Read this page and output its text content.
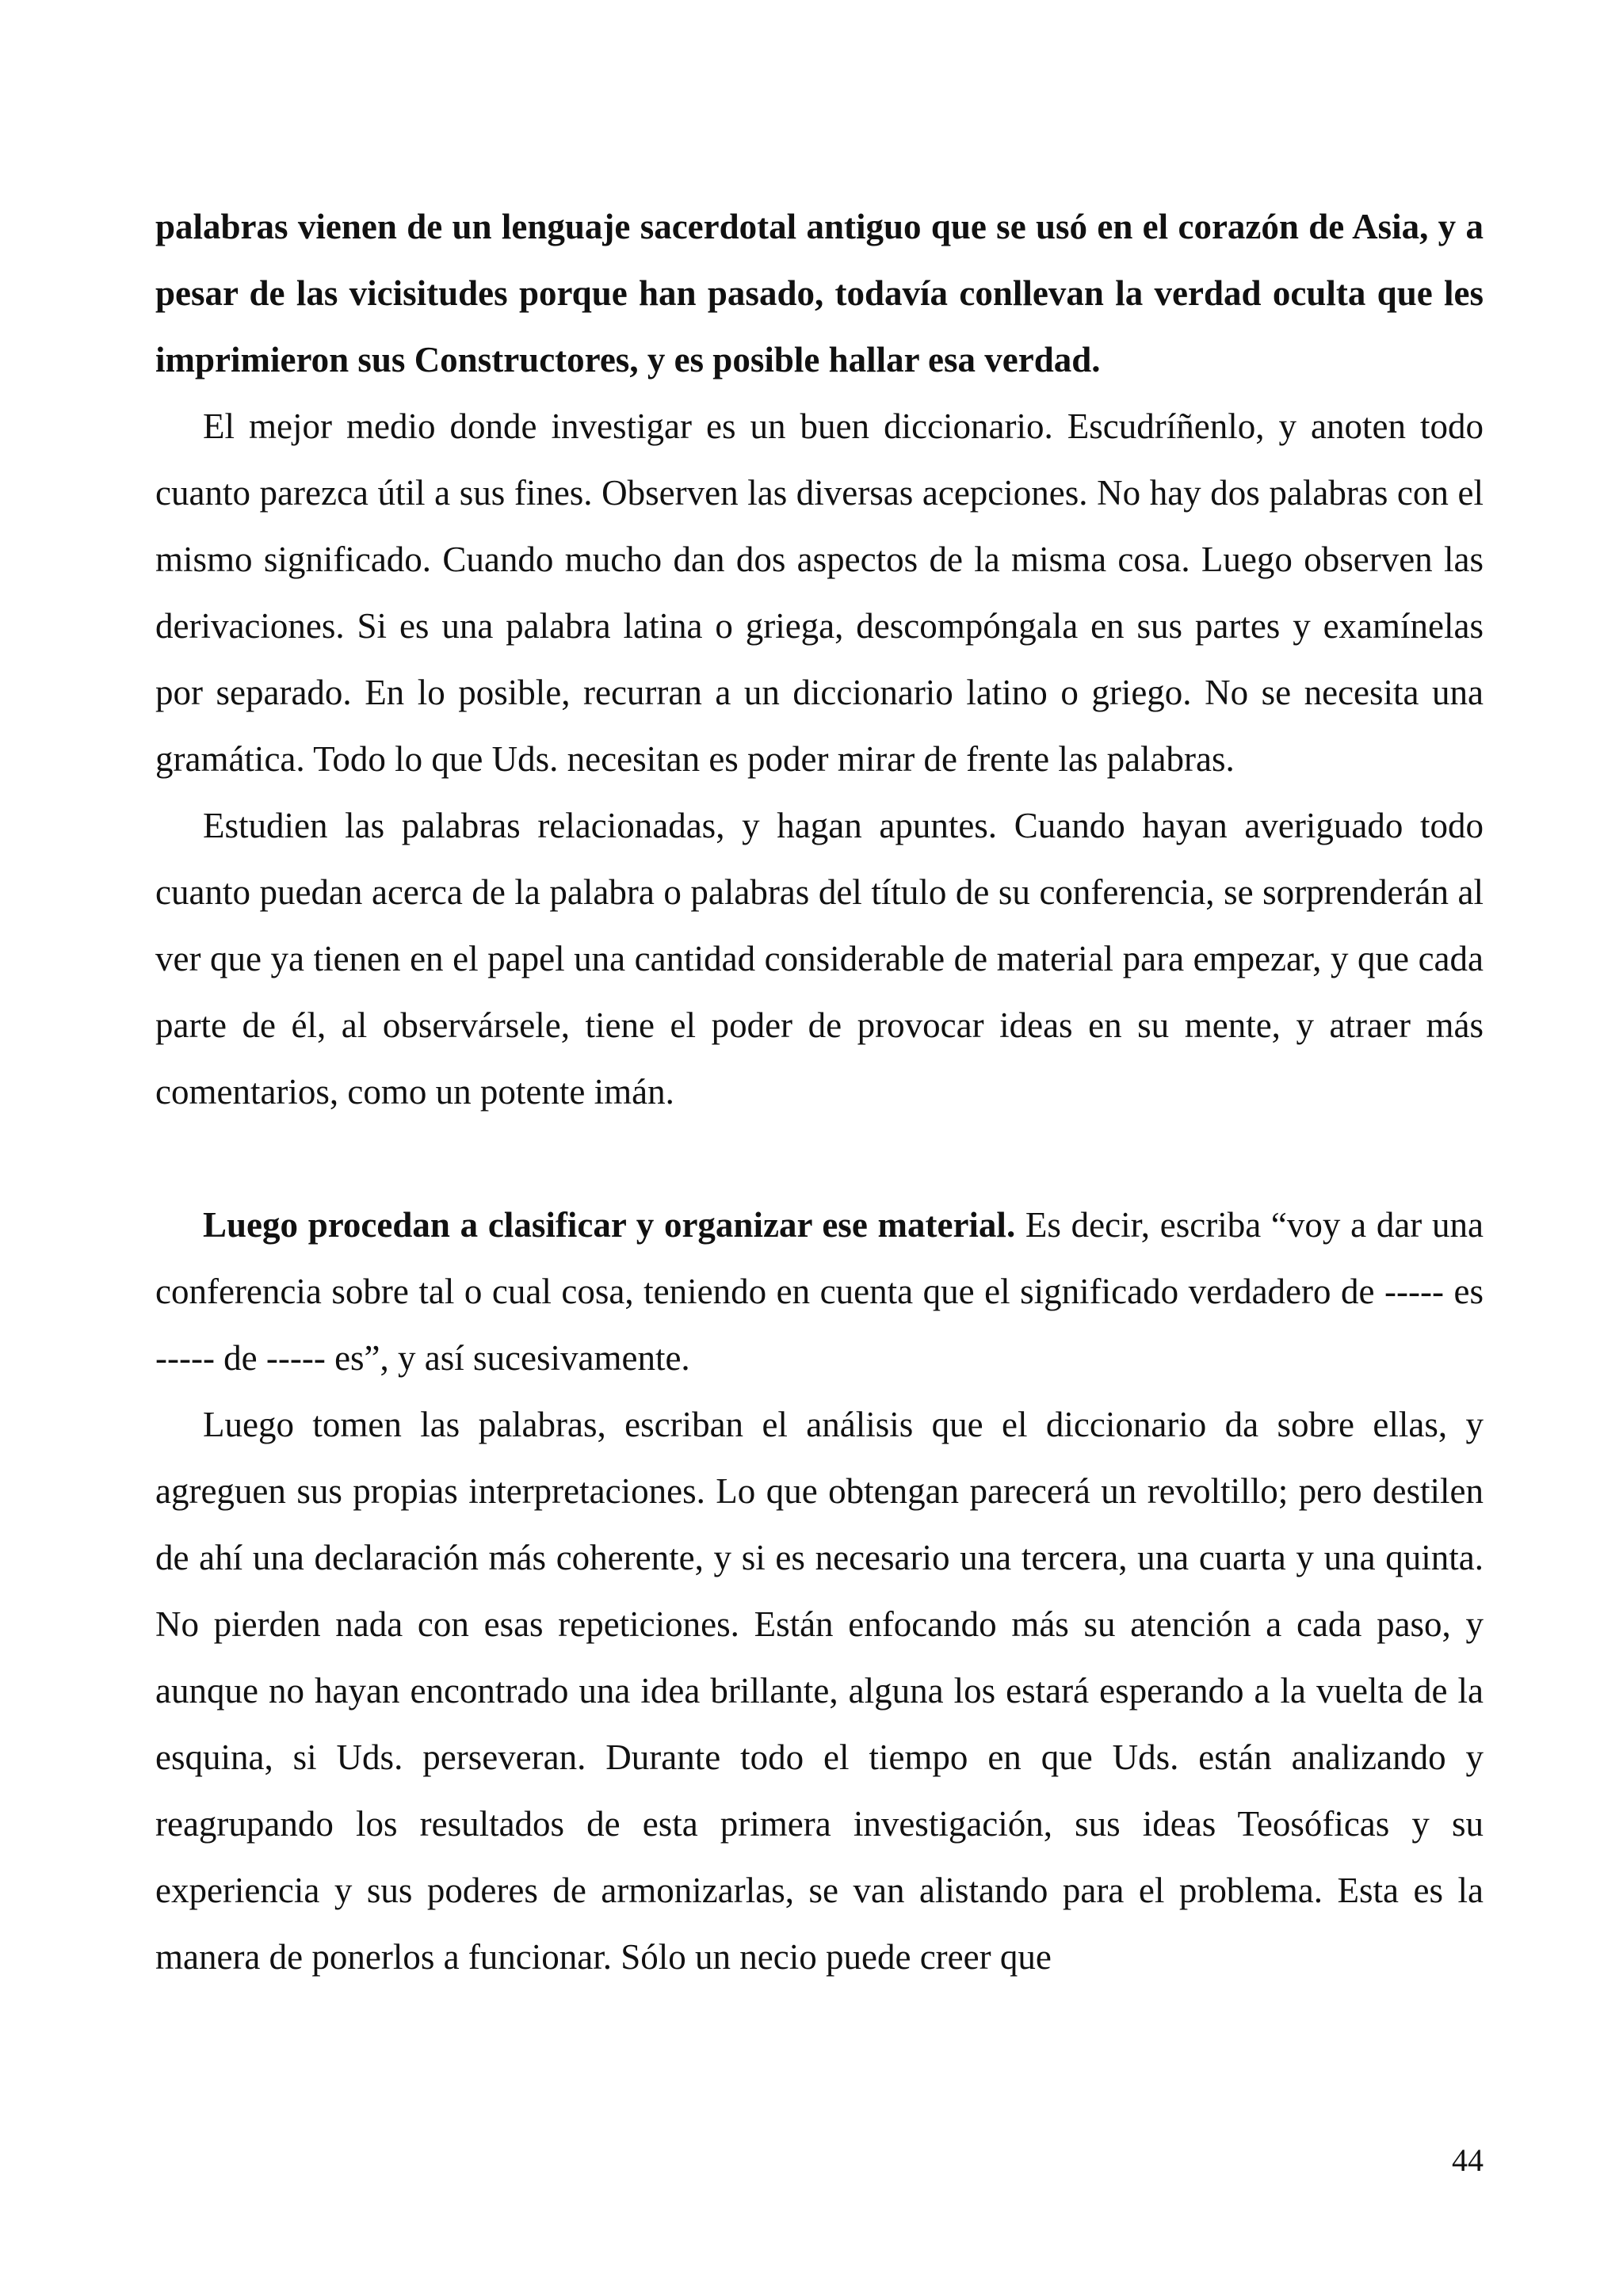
palabras vienen de un lenguaje sacerdotal antiguo que se usó en el corazón de Asia, y a pesar de las vicisitudes porque han pasado, todavía conllevan la verdad oculta que les imprimieron sus Constructores, y es posible hallar esa verdad.

El mejor medio donde investigar es un buen diccionario. Escudríñenlo, y anoten todo cuanto parezca útil a sus fines. Observen las diversas acepciones. No hay dos palabras con el mismo significado. Cuando mucho dan dos aspectos de la misma cosa. Luego observen las derivaciones. Si es una palabra latina o griega, descompóngala en sus partes y examínelas por separado. En lo posible, recurran a un diccionario latino o griego. No se necesita una gramática. Todo lo que Uds. necesitan es poder mirar de frente las palabras.

Estudien las palabras relacionadas, y hagan apuntes. Cuando hayan averiguado todo cuanto puedan acerca de la palabra o palabras del título de su conferencia, se sorprenderán al ver que ya tienen en el papel una cantidad considerable de material para empezar, y que cada parte de él, al observársele, tiene el poder de provocar ideas en su mente, y atraer más comentarios, como un potente imán.

Luego procedan a clasificar y organizar ese material. Es decir, escriba “voy a dar una conferencia sobre tal o cual cosa, teniendo en cuenta que el significado verdadero de ----- es ----- de ----- es”, y así sucesivamente.

Luego tomen las palabras, escriban el análisis que el diccionario da sobre ellas, y agreguen sus propias interpretaciones. Lo que obtengan parecerá un revoltillo; pero destilen de ahí una declaración más coherente, y si es necesario una tercera, una cuarta y una quinta. No pierden nada con esas repeticiones. Están enfocando más su atención a cada paso, y aunque no hayan encontrado una idea brillante, alguna los estará esperando a la vuelta de la esquina, si Uds. perseveran. Durante todo el tiempo en que Uds. están analizando y reagrupando los resultados de esta primera investigación, sus ideas Teosóficas y su experiencia y sus poderes de armonizarlas, se van alistando para el problema. Esta es la manera de ponerlos a funcionar. Sólo un necio puede creer que

44
